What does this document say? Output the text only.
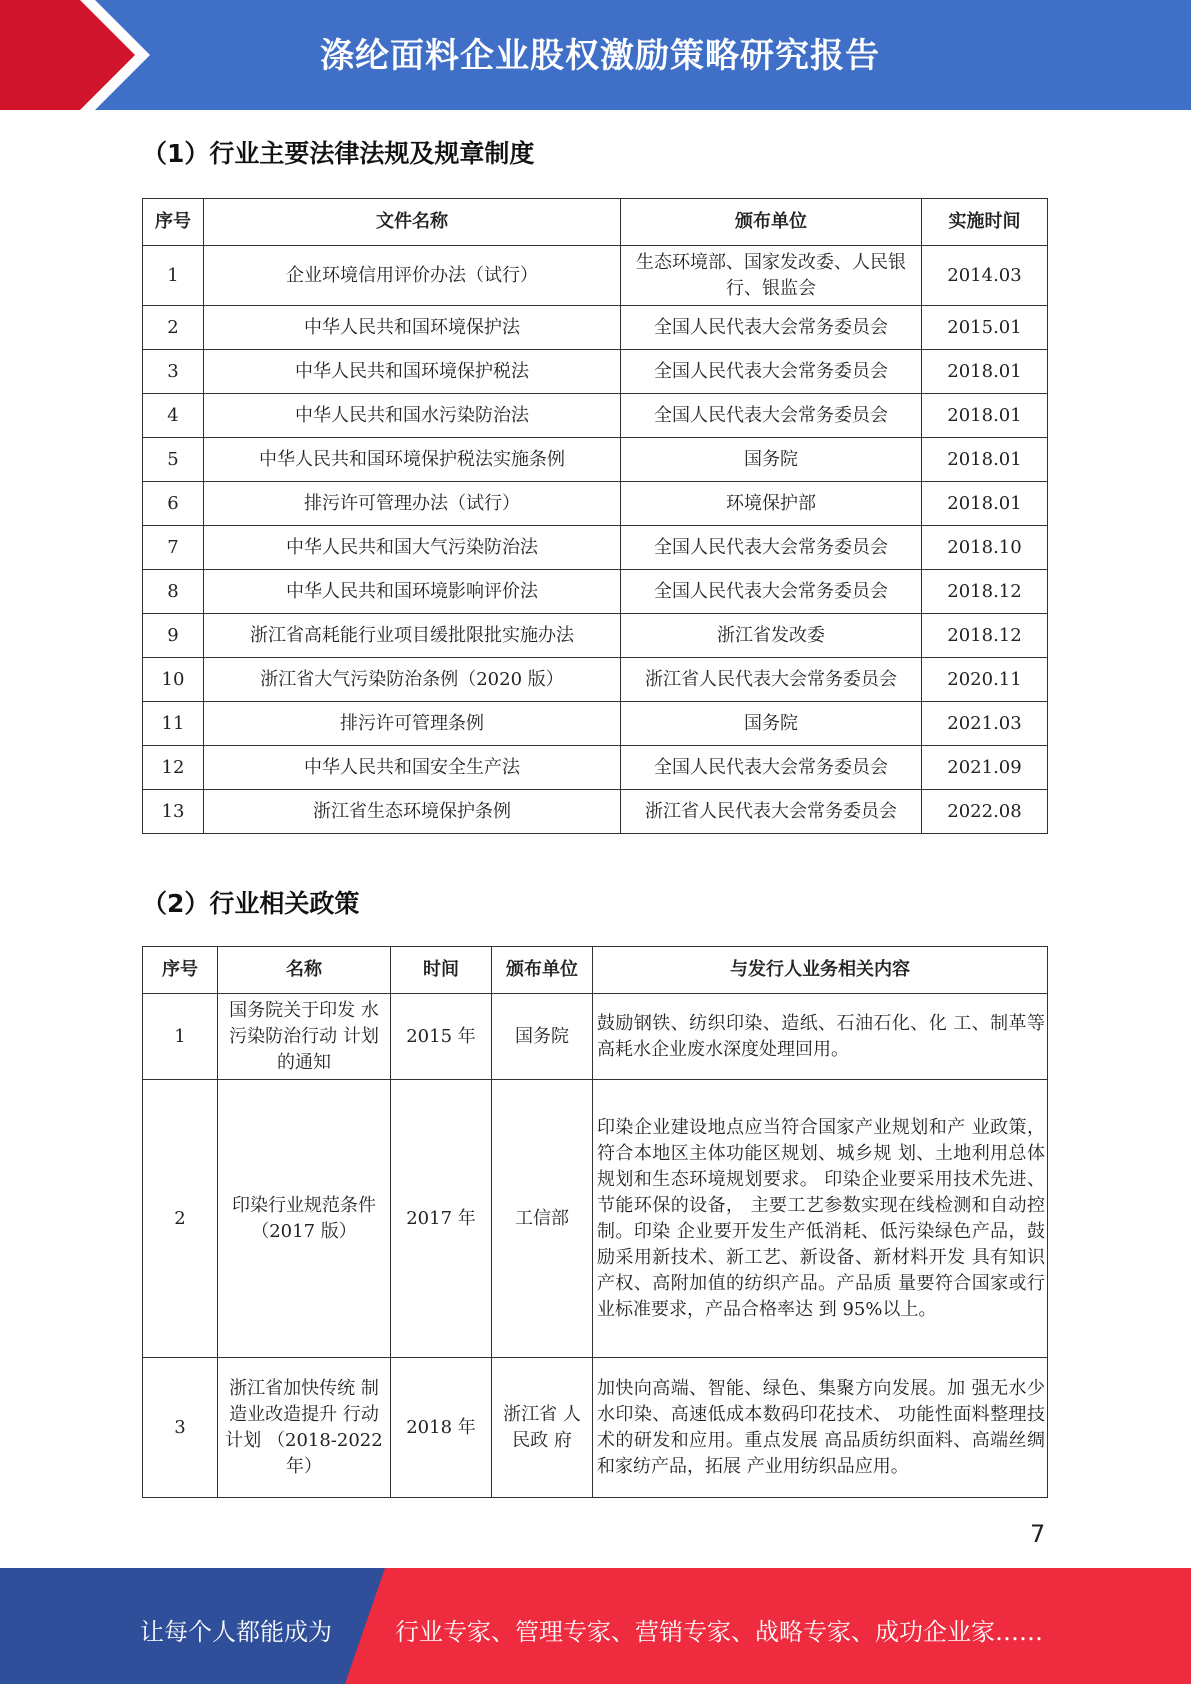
涤纶面料企业股权激励策略研究报告
（1）行业主要法律法规及规章制度
序号	文件名称	颁布单位	实施时间
1	企业环境信用评价办法（试行）	生态环境部、国家发改委、人民银行、银监会	2014.03
2	中华人民共和国环境保护法	全国人民代表大会常务委员会	2015.01
3	中华人民共和国环境保护税法	全国人民代表大会常务委员会	2018.01
4	中华人民共和国水污染防治法	全国人民代表大会常务委员会	2018.01
5	中华人民共和国环境保护税法实施条例	国务院	2018.01
6	排污许可管理办法（试行）	环境保护部	2018.01
7	中华人民共和国大气污染防治法	全国人民代表大会常务委员会	2018.10
8	中华人民共和国环境影响评价法	全国人民代表大会常务委员会	2018.12
9	浙江省高耗能行业项目缓批限批实施办法	浙江省发改委	2018.12
10	浙江省大气污染防治条例（2020 版）	浙江省人民代表大会常务委员会	2020.11
11	排污许可管理条例	国务院	2021.03
12	中华人民共和国安全生产法	全国人民代表大会常务委员会	2021.09
13	浙江省生态环境保护条例	浙江省人民代表大会常务委员会	2022.08
（2）行业相关政策
序号	名称	时间	颁布单位	与发行人业务相关内容
1	国务院关于印发 水污染防治行动 计划的通知	2015 年	国务院	鼓励钢铁、纺织印染、造纸、石油石化、化 工、制革等高耗水企业废水深度处理回用。
2	印染行业规范条件（2017 版）	2017 年	工信部	印染企业建设地点应当符合国家产业规划和产 业政策，符合本地区主体功能区规划、城乡规 划、土地利用总体规划和生态环境规划要求。 印染企业要采用技术先进、节能环保的设备， 主要工艺参数实现在线检测和自动控制。印染 企业要开发生产低消耗、低污染绿色产品，鼓 励采用新技术、新工艺、新设备、新材料开发 具有知识产权、高附加值的纺织产品。产品质 量要符合国家或行业标准要求，产品合格率达 到 95%以上。
3	浙江省加快传统 制造业改造提升 行动计划 （2018-2022 年）	2018 年	浙江省 人民政 府	加快向高端、智能、绿色、集聚方向发展。加 强无水少水印染、高速低成本数码印花技术、 功能性面料整理技术的研发和应用。重点发展 高品质纺织面料、高端丝绸和家纺产品，拓展 产业用纺织品应用。
7
让每个人都能成为	行业专家、管理专家、营销专家、战略专家、成功企业家……
